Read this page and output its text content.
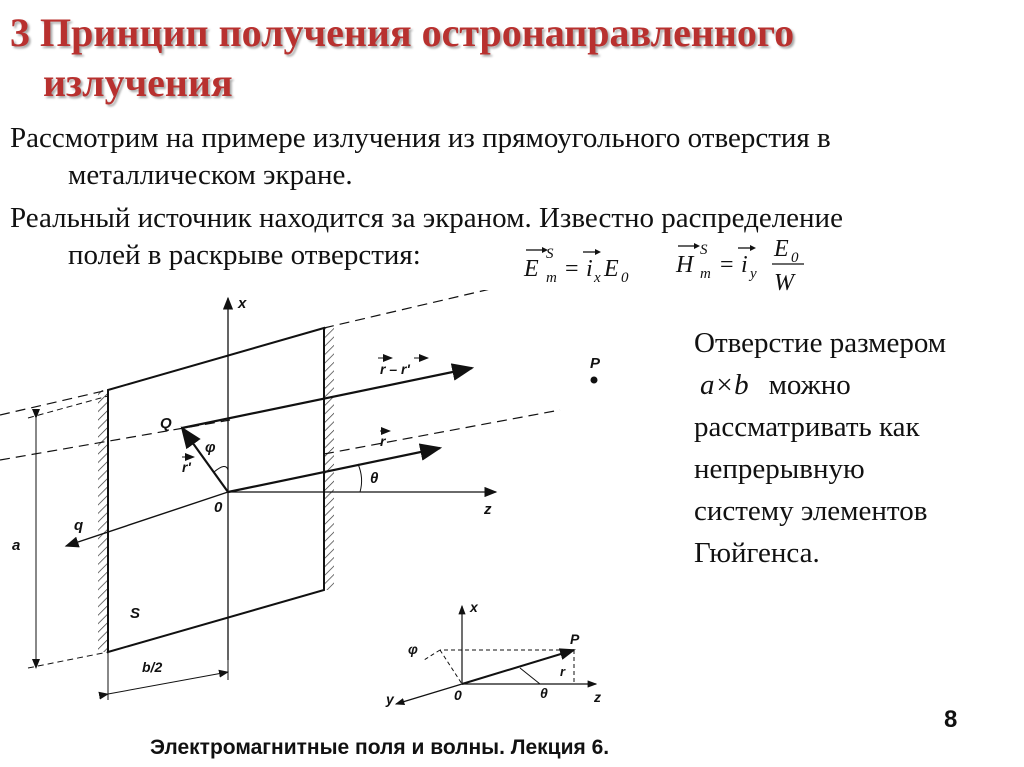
3 Принцип получения остронаправленного
излучения
Рассмотрим на примере излучения из прямоугольного отверстия в
металлическом экране.
Реальный источник находится за экраном. Известно распределение
полей в раскрыве отверстия:	E
S
m = i x E 0 H
S
m = i y
E 0
W
x
z
0
q
Q
P
φ
θ
S
a
b/2
r
r'
r – r'
x
y	z
0
P
φ
θ
r
Отверстие размером
a×b можно
рассматривать как
непрерывную
систему элементов
Гюйгенса.
8
Электромагнитные поля и волны. Лекция 6.
